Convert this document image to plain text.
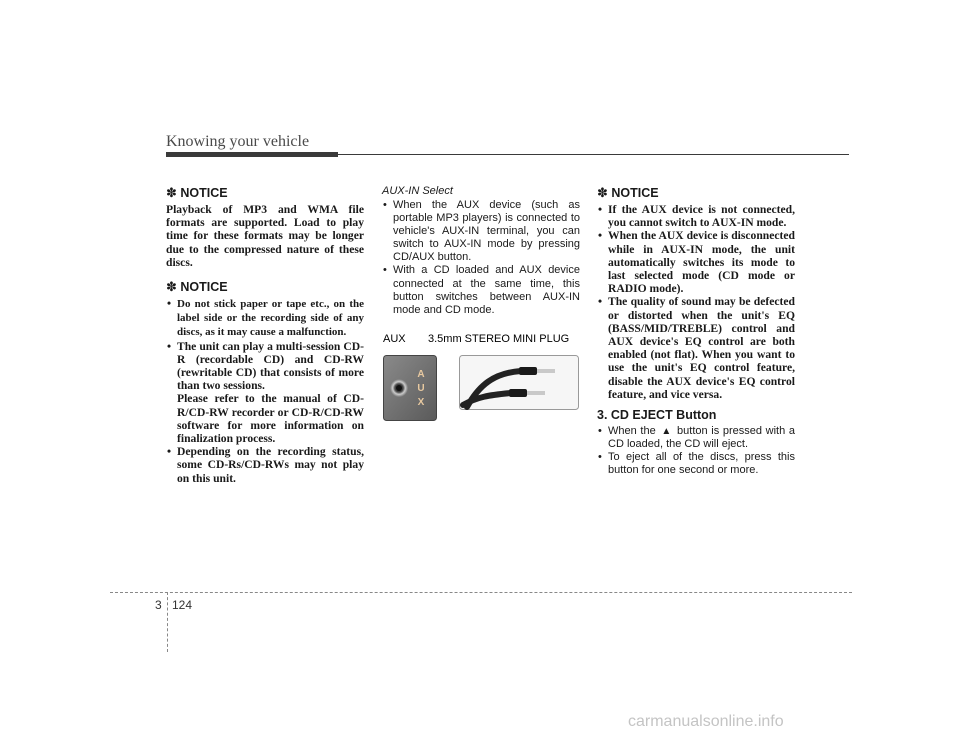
Knowing your vehicle
✽ NOTICE

Playback of MP3 and WMA file formats are supported. Load to play time for these formats may be longer due to the compressed nature of these discs.

✽ NOTICE
• Do not stick paper or tape etc., on the label side or the recording side of any discs, as it may cause a malfunction.
• The unit can play a multi-session CD-R (recordable CD) and CD-RW (rewritable CD) that consists of more than two sessions.
Please refer to the manual of CD-R/CD-RW recorder or CD-R/CD-RW software for more information on finalization process.
• Depending on the recording status, some CD-Rs/CD-RWs may not play on this unit.
AUX-IN Select
• When the AUX device (such as portable MP3 players) is connected to vehicle's AUX-IN terminal, you can switch to AUX-IN mode by pressing CD/AUX button.
• With a CD loaded and AUX device connected at the same time, this button switches between AUX-IN mode and CD mode.
AUX 3.5mm STEREO MINI PLUG
A
U
X
✽ NOTICE
• If the AUX device is not connected, you cannot switch to AUX-IN mode.
• When the AUX device is disconnected while in AUX-IN mode, the unit automatically switches its mode to last selected mode (CD mode or RADIO mode).
• The quality of sound may be defected or distorted when the unit's EQ (BASS/MID/TREBLE) control and AUX device's EQ control are both enabled (not flat). When you want to use the unit's EQ control feature, disable the AUX device's EQ control feature, and vice versa.
3. CD EJECT Button
• When the ▲ button is pressed with a CD loaded, the CD will eject.
• To eject all of the discs, press this button for one second or more.
3 124
carmanualsonline.info
